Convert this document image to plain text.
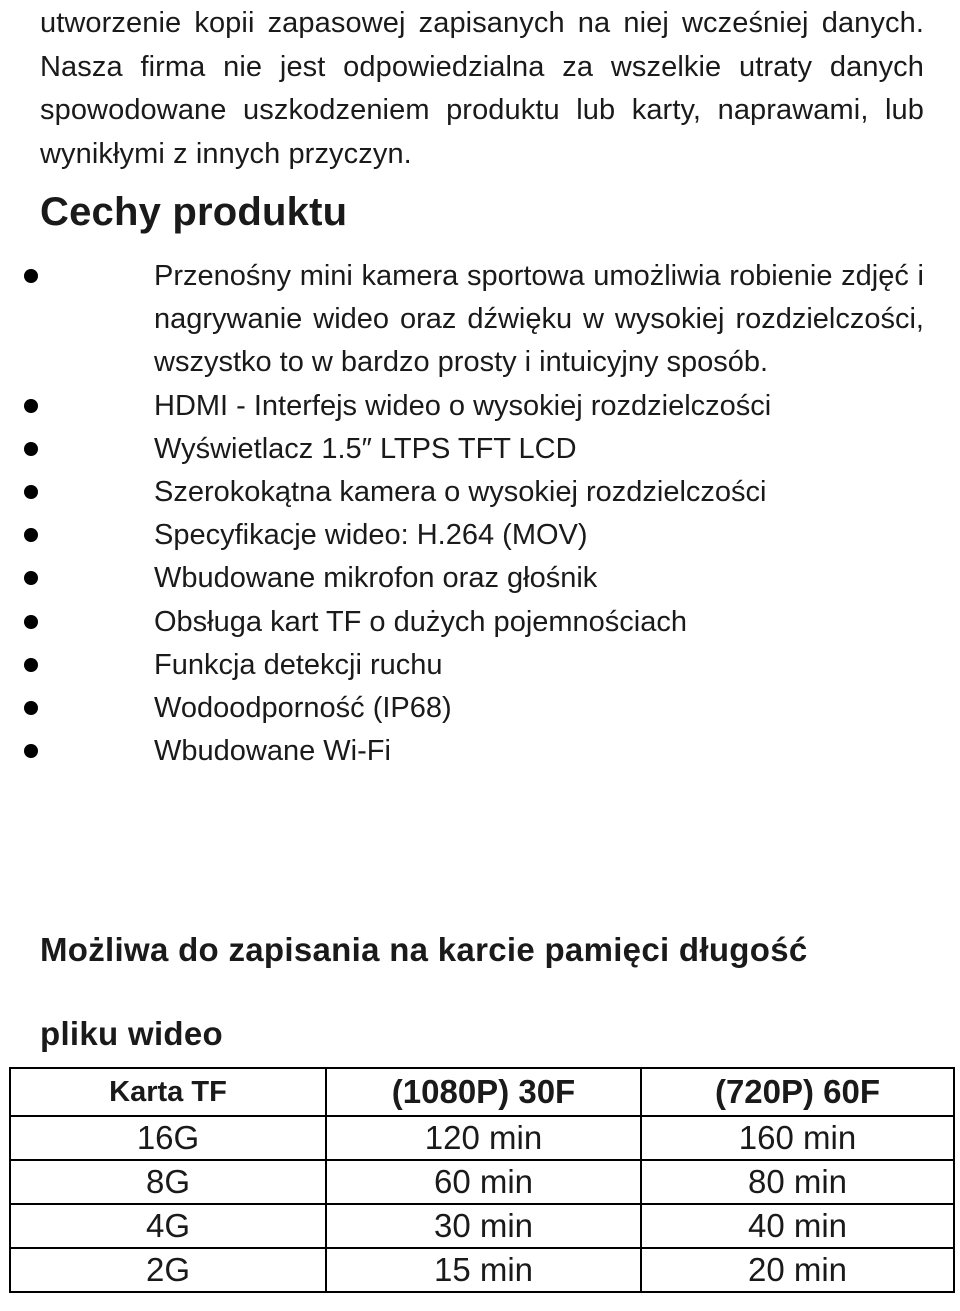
utworzenie kopii zapasowej zapisanych na niej wcześniej danych. Nasza firma nie jest odpowiedzialna za wszelkie utraty danych spowodowane uszkodzeniem produktu lub karty, naprawami, lub wynikłymi z innych przyczyn.
Cechy produktu
Przenośny mini kamera sportowa umożliwia robienie zdjęć i nagrywanie wideo oraz dźwięku w wysokiej rozdzielczości, wszystko to w bardzo prosty i intuicyjny sposób.
HDMI - Interfejs wideo o wysokiej rozdzielczości
Wyświetlacz 1.5″ LTPS TFT LCD
Szerokokątna kamera o wysokiej rozdzielczości
Specyfikacje wideo: H.264 (MOV)
Wbudowane mikrofon oraz głośnik
Obsługa kart TF o dużych pojemnościach
Funkcja detekcji ruchu
Wodoodporność (IP68)
Wbudowane Wi-Fi
Możliwa do zapisania na karcie pamięci długość
pliku wideo
Karta TF	(1080P) 30F	(720P) 60F
16G	120 min	160 min
8G	60 min	80 min
4G	30 min	40 min
2G	15 min	20 min
